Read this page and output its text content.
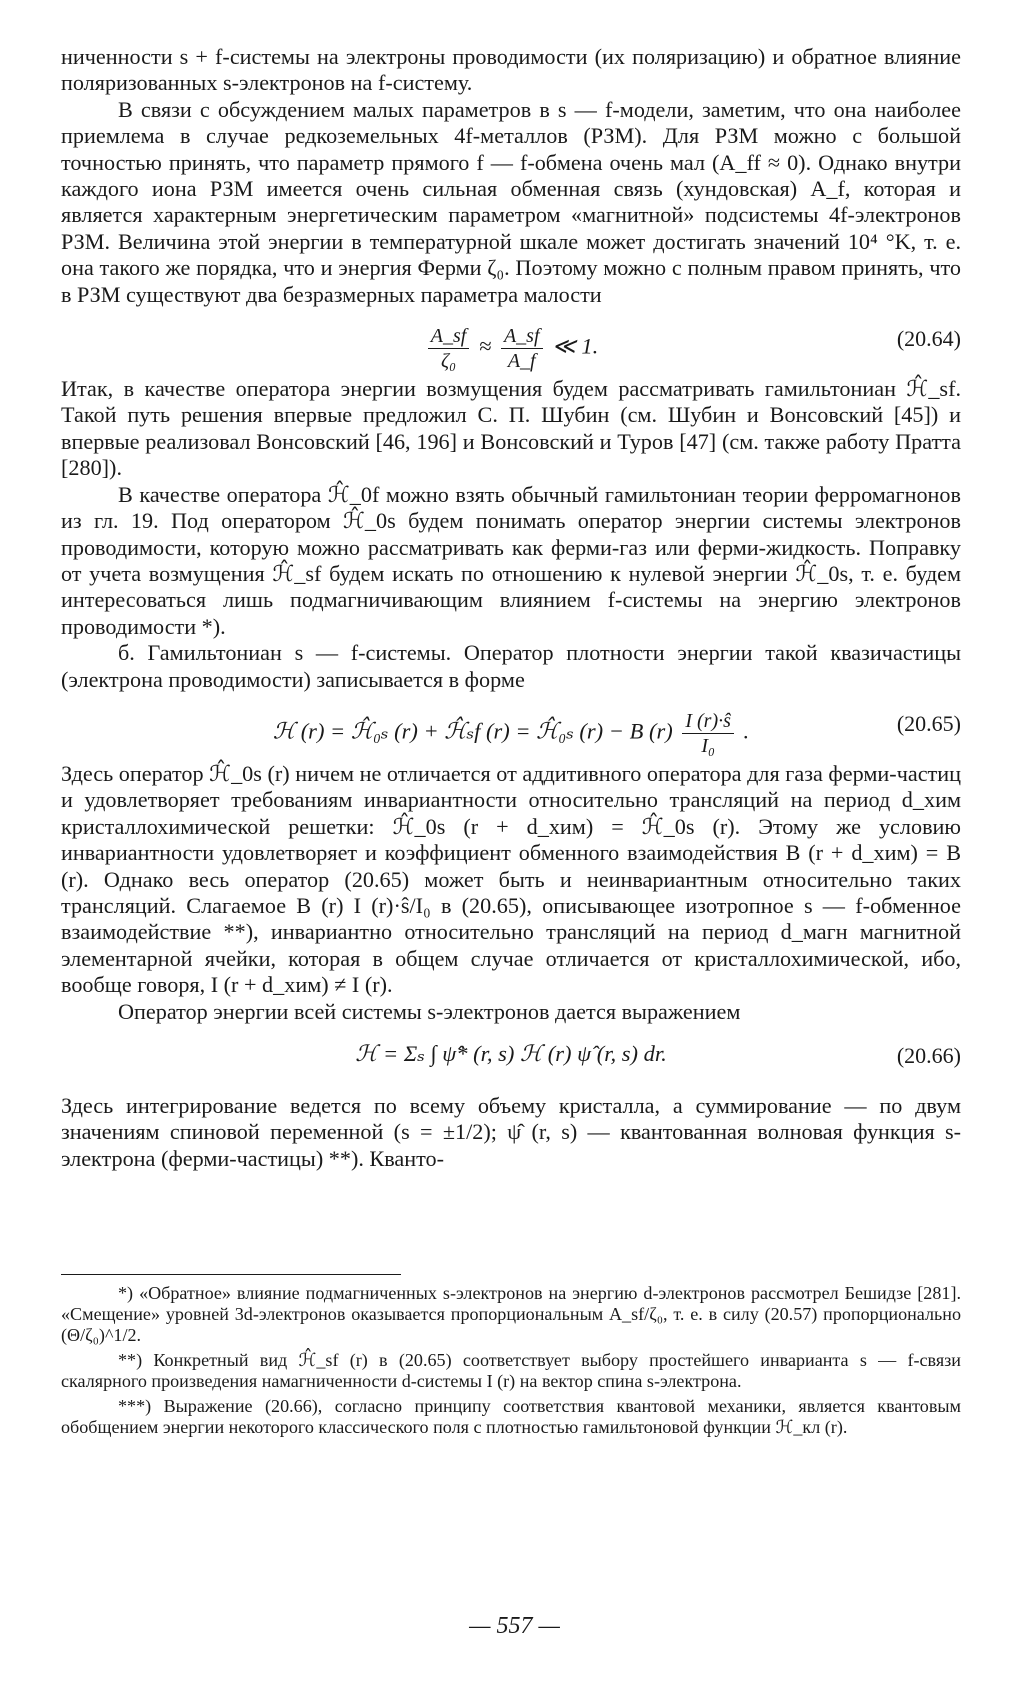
ниченности s + f-системы на электроны проводимости (их поляризацию) и обратное влияние поляризованных s-электронов на f-систему.

В связи с обсуждением малых параметров в s — f-модели, заметим, что она наиболее приемлема в случае редкоземельных 4f-металлов (РЗМ). Для РЗМ можно с большой точностью принять, что параметр прямого f — f-обмена очень мал (A_ff ≈ 0). Однако внутри каждого иона РЗМ имеется очень сильная обменная связь (хундовская) A_f, которая и является характерным энергетическим параметром «магнитной» подсистемы 4f-электронов РЗМ. Величина этой энергии в температурной шкале может достигать значений 10⁴ °K, т. е. она такого же порядка, что и энергия Ферми ζ₀. Поэтому можно с полным правом принять, что в РЗМ существуют два безразмерных параметра малости

$\frac{A\_sf}{\text{ζ₀}} \approx \frac{A\_sf}{A\_f}$ ≪ 1.	(20.64)

Итак, в качестве оператора энергии возмущения будем рассматривать гамильтониан ℋ̂_sf. Такой путь решения впервые предложил С. П. Шубин (см. Шубин и Вонсовский [45]) и впервые реализовал Вонсовский [46, 196] и Вонсовский и Туров [47] (см. также работу Пратта [280]).

В качестве оператора ℋ̂_0f можно взять обычный гамильтониан теории ферромагнонов из гл. 19. Под оператором ℋ̂_0s будем понимать оператор энергии системы электронов проводимости, которую можно рассматривать как ферми-газ или ферми-жидкость. Поправку от учета возмущения ℋ̂_sf будем искать по отношению к нулевой энергии ℋ̂_0s, т. е. будем интересоваться лишь подмагничивающим влиянием f-системы на энергию электронов проводимости *).

б. Гамильтониан s — f-системы. Оператор плотности энергии такой квазичастицы (электрона проводимости) записывается в форме

ℋ (r) = ℋ̂₀ₛ (r) + ℋ̂ₛf (r) = ℋ̂₀ₛ (r) − B $(r) \frac{I (r)\cdot ŝ}{\text{I₀}}$ .	(20.65)

Здесь оператор ℋ̂_0s (r) ничем не отличается от аддитивного оператора для газа ферми-частиц и удовлетворяет требованиям инвариантности относительно трансляций на период d_хим кристаллохимической решетки: ℋ̂_0s (r + d_хим) = ℋ̂_0s (r). Этому же условию инвариантности удовлетворяет и коэффициент обменного взаимодействия B (r + d_хим) = B (r). Однако весь оператор (20.65) может быть и неинвариантным относительно таких трансляций. Слагаемое B (r) I (r)·ŝ/I₀ в (20.65), описывающее изотропное s — f-обменное взаимодействие **), инвариантно относительно трансляций на период d_магн магнитной элементарной ячейки, которая в общем случае отличается от кристаллохимической, ибо, вообще говоря, I (r + d_хим) ≠ I (r).

Оператор энергии всей системы s-электронов дается выражением

ℋ = Σₛ ∫ ψ̂* (r, s) ℋ (r) ψ̂ (r, s) dr.	(20.66)

Здесь интегрирование ведется по всему объему кристалла, а суммирование — по двум значениям спиновой переменной (s = ±1/2); ψ̂ (r, s) — квантованная волновая функция s-электрона (ферми-частицы) **). Кванто-

*) «Обратное» влияние подмагниченных s-электронов на энергию d-электронов рассмотрел Бешидзе [281]. «Смещение» уровней 3d-электронов оказывается пропорциональным A_sf/ζ₀, т. е. в силу (20.57) пропорционально (Θ/ζ₀)^1/2.

**) Конкретный вид ℋ̂_sf (r) в (20.65) соответствует выбору простейшего инварианта s — f-связи скалярного произведения намагниченности d-системы I (r) на вектор спина s-электрона.

***) Выражение (20.66), согласно принципу соответствия квантовой механики, является квантовым обобщением энергии некоторого классического поля с плотностью гамильтоновой функции ℋ_кл (r).

— 557 —
